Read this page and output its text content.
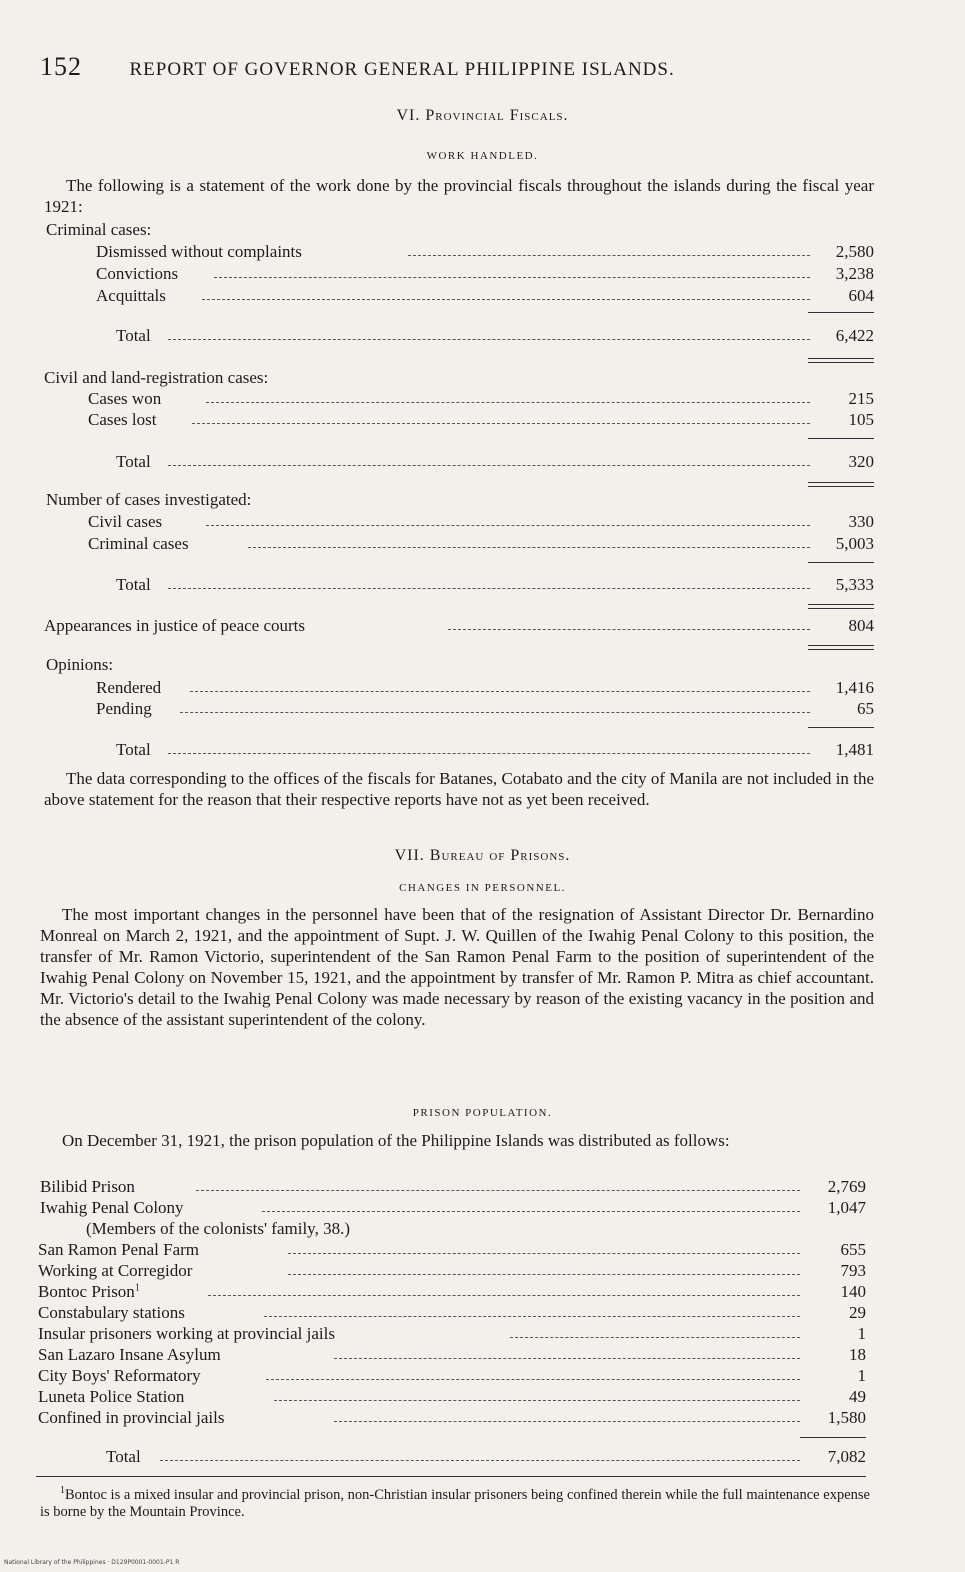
152	REPORT OF GOVERNOR GENERAL PHILIPPINE ISLANDS.
VI. Provincial Fiscals.
WORK HANDLED.

The following is a statement of the work done by the provincial fiscals throughout the islands during the fiscal year 1921:

Criminal cases:
Dismissed without complaints	2,580
Convictions	3,238
Acquittals	604
Total	6,422
Civil and land-registration cases:
Cases won	215
Cases lost	105
Total	320
Number of cases investigated:
Civil cases	330
Criminal cases	5,003
Total	5,333
Appearances in justice of peace courts	804
Opinions:
Rendered	1,416
Pending	65
Total	1,481

The data corresponding to the offices of the fiscals for Batanes, Cotabato and the city of Manila are not included in the above statement for the reason that their respective reports have not as yet been received.

VII. Bureau of Prisons.
CHANGES IN PERSONNEL.

The most important changes in the personnel have been that of the resignation of Assistant Director Dr. Bernardino Monreal on March 2, 1921, and the appointment of Supt. J. W. Quillen of the Iwahig Penal Colony to this position, the transfer of Mr. Ramon Victorio, superintendent of the San Ramon Penal Farm to the position of superintendent of the Iwahig Penal Colony on November 15, 1921, and the appointment by transfer of Mr. Ramon P. Mitra as chief accountant. Mr. Victorio's detail to the Iwahig Penal Colony was made necessary by reason of the existing vacancy in the position and the absence of the assistant superintendent of the colony.

PRISON POPULATION.

On December 31, 1921, the prison population of the Philippine Islands was distributed as follows:

Bilibid Prison	2,769
Iwahig Penal Colony	1,047
(Members of the colonists' family, 38.)
San Ramon Penal Farm	655
Working at Corregidor	793
Bontoc Prison$^1$	140
Constabulary stations	29
Insular prisoners working at provincial jails	1
San Lazaro Insane Asylum	18
City Boys' Reformatory	1
Luneta Police Station	49
Confined in provincial jails	1,580
Total	7,082
$^1$Bontoc is a mixed insular and provincial prison, non-Christian insular prisoners being confined therein while the full maintenance expense is borne by the Mountain Province.
National Library of the Philippines · D129P0001-0001-P1 R
